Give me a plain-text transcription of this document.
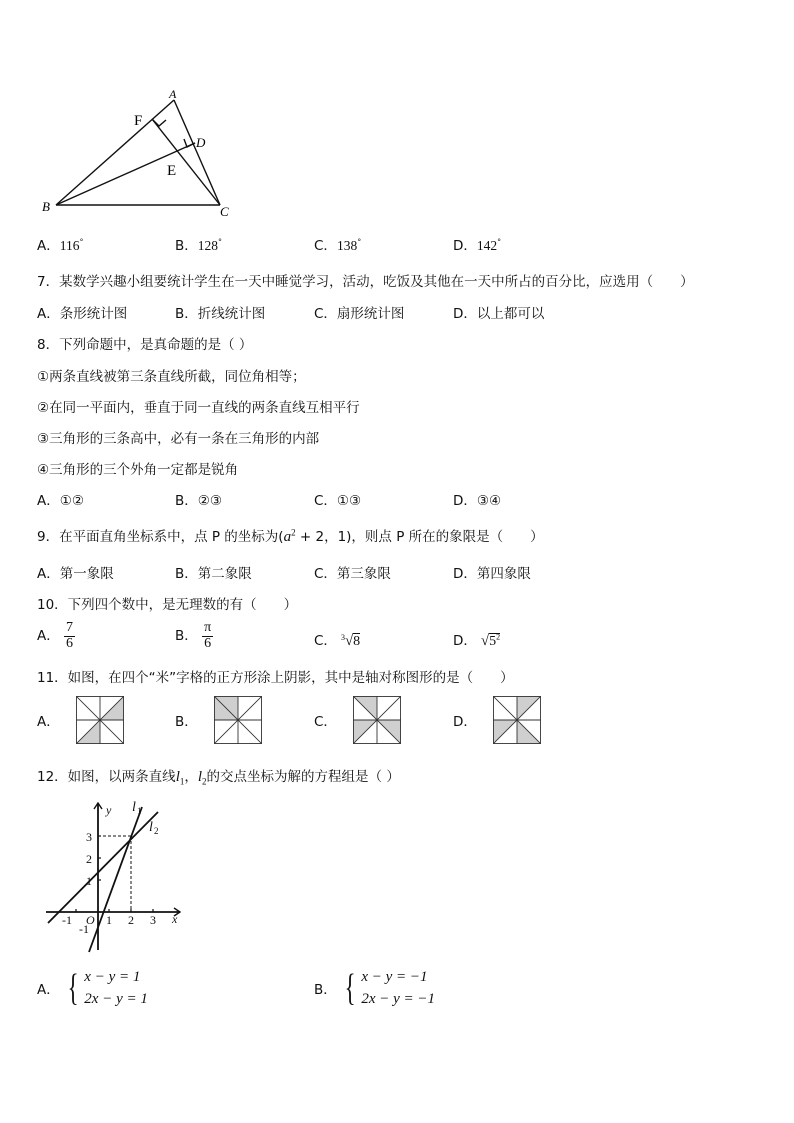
A
F
D
E
B	C
A．116°	B．128°	C．138°	D．142°
7．某数学兴趣小组要统计学生在一天中睡觉学习，活动，吃饭及其他在一天中所占的百分比，应选用（　　）
A．条形统计图	B．折线统计图	C．扇形统计图	D．以上都可以
8．下列命题中，是真命题的是（ ）
①两条直线被第三条直线所截，同位角相等；
②在同一平面内，垂直于同一直线的两条直线互相平行
③三角形的三条高中，必有一条在三角形的内部
④三角形的三个外角一定都是锐角
A．①②	B．②③	C．①③	D．③④
9．在平面直角坐标系中，点 P 的坐标为($a^2 + 2$，1)，则点 P 所在的象限是（　　）
A．第一象限	B．第二象限	C．第三象限	D．第四象限
10．下列四个数中，是无理数的有（　　）
A． $\frac{7}{6}$	B． $\frac{\pi}{6}$	C． $^3$√8	D． $√5^2$
11．如图，在四个“米”字格的正方形涂上阴影，其中是轴对称图形的是（　　）
A．	B．	C．	D．
12．如图，以两条直线$l_1$，$l_2$的交点坐标为解的方程组是（ ）
x
y
O
-1	1 2 3
-1
1
2
3
l 1
l 2
A． { x − y = 1
2x − y = 1
B． { x − y = −1
2x − y = −1
